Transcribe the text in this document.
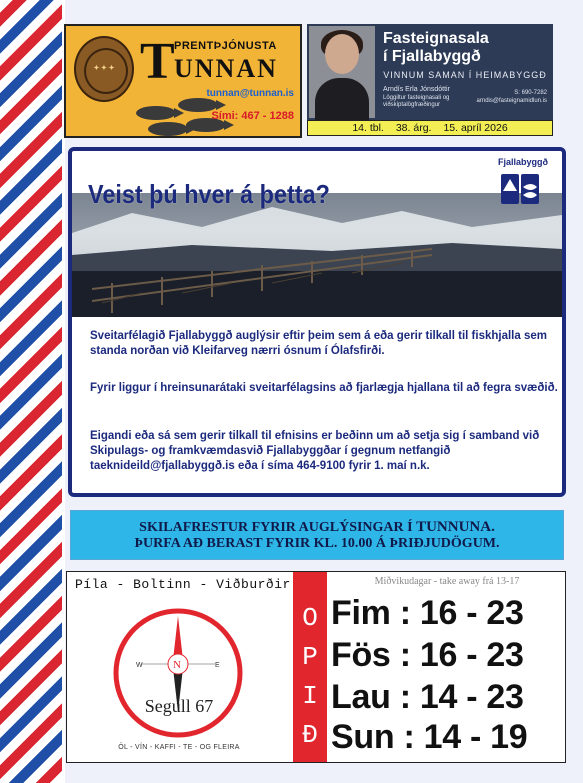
✦ ✦ ✦ T PRENTÞJÓNUSTA
UNNAN
tunnan@tunnan.is
Sími: 467 - 1288
Fasteignasala
í Fjallabyggð
VINNUM SAMAN Í HEIMABYGGÐ
Arndís Erla Jónsdóttir
Löggiltur fasteignasali og
viðskiptalögfræðingur
S: 690-7282
arndis@fasteignamidlun.is
14. tbl. 38. árg. 15. apríl 2026
Fjallabyggð
Veist þú hver á þetta?
Sveitarfélagið Fjallabyggð auglýsir eftir þeim sem á eða gerir tilkall til fiskhjalla sem standa norðan við Kleifarveg nærri ósnum í Ólafsfirði.
Fyrir liggur í hreinsunarátaki sveitarfélagsins að fjarlægja hjallana til að fegra svæðið.
Eigandi eða sá sem gerir tilkall til efnisins er beðinn um að setja sig í samband við Skipulags- og framkvæmdasvið Fjallabyggðar í gegnum netfangið taeknideild@fjallabyggð.is eða í síma 464-9100 fyrir 1. maí n.k.
SKILAFRESTUR FYRIR AUGLÝSINGAR Í TUNNUNA.
ÞURFA AÐ BERAST FYRIR KL. 10.00 Á ÞRIÐJUDÖGUM.
Píla - Boltinn - Viðburðir
W	E
N
Segull 67
ÖL - VÍN - KAFFI - TE - OG FLEIRA
O
P
I
Ð
Miðvikudagar - take away frá 13-17
Fim : 16 - 23
Fös : 16 - 23
Lau : 14 - 23
Sun : 14 - 19
